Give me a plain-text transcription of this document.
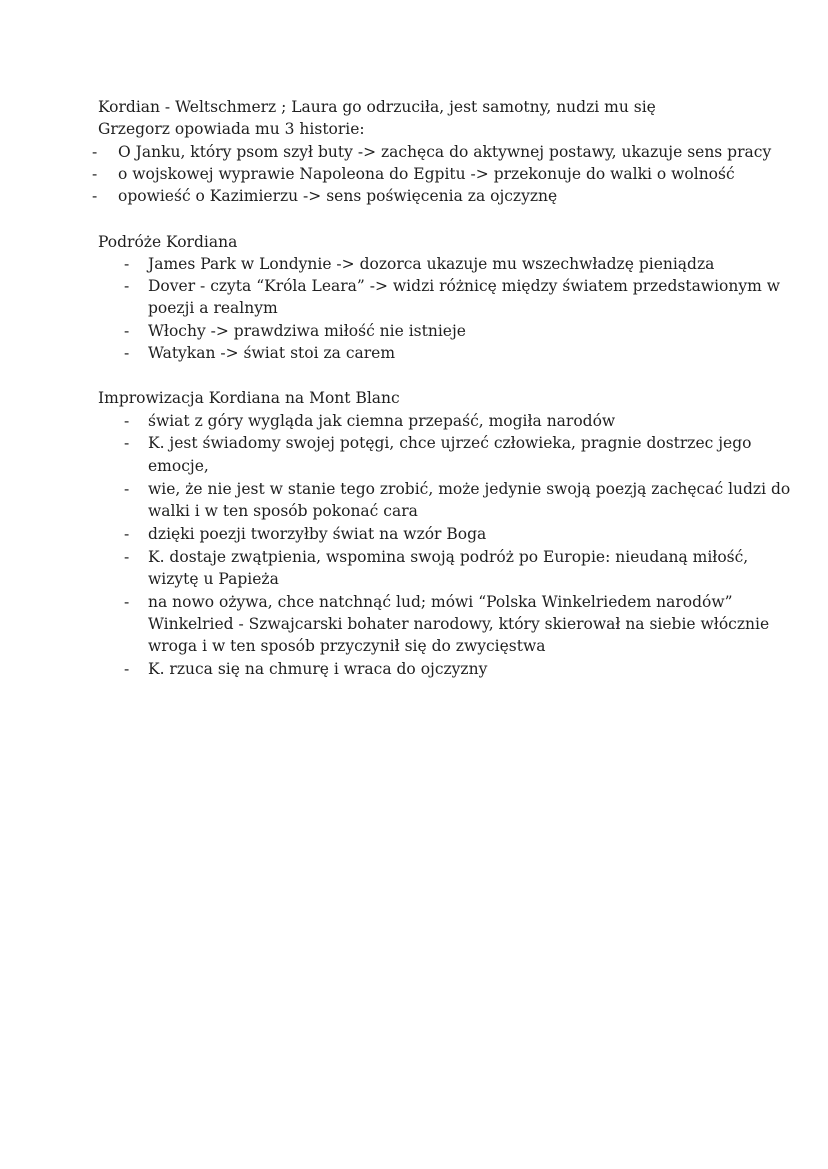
Kordian - Weltschmerz ; Laura go odrzuciła, jest samotny, nudzi mu się
Grzegorz opowiada mu 3 historie:
- O Janku, który psom szył buty -> zachęca do aktywnej postawy, ukazuje sens pracy
- o wojskowej wyprawie Napoleona do Egpitu -> przekonuje do walki o wolność
- opowieść o Kazimierzu -> sens poświęcenia za ojczyznę
Podróże Kordiana
- James Park w Londynie -> dozorca ukazuje mu wszechwładzę pieniądza
- Dover - czyta “Króla Leara” -> widzi różnicę między światem przedstawionym w
poezji a realnym
- Włochy -> prawdziwa miłość nie istnieje
- Watykan -> świat stoi za carem
Improwizacja Kordiana na Mont Blanc
- świat z góry wygląda jak ciemna przepaść, mogiła narodów
- K. jest świadomy swojej potęgi, chce ujrzeć człowieka, pragnie dostrzec jego
emocje,
- wie, że nie jest w stanie tego zrobić, może jedynie swoją poezją zachęcać ludzi do
walki i w ten sposób pokonać cara
- dzięki poezji tworzyłby świat na wzór Boga
- K. dostaje zwątpienia, wspomina swoją podróż po Europie: nieudaną miłość,
wizytę u Papieża
- na nowo ożywa, chce natchnąć lud; mówi “Polska Winkelriedem narodów”
Winkelried - Szwajcarski bohater narodowy, który skierował na siebie włócznie
wroga i w ten sposób przyczynił się do zwycięstwa
- K. rzuca się na chmurę i wraca do ojczyzny
